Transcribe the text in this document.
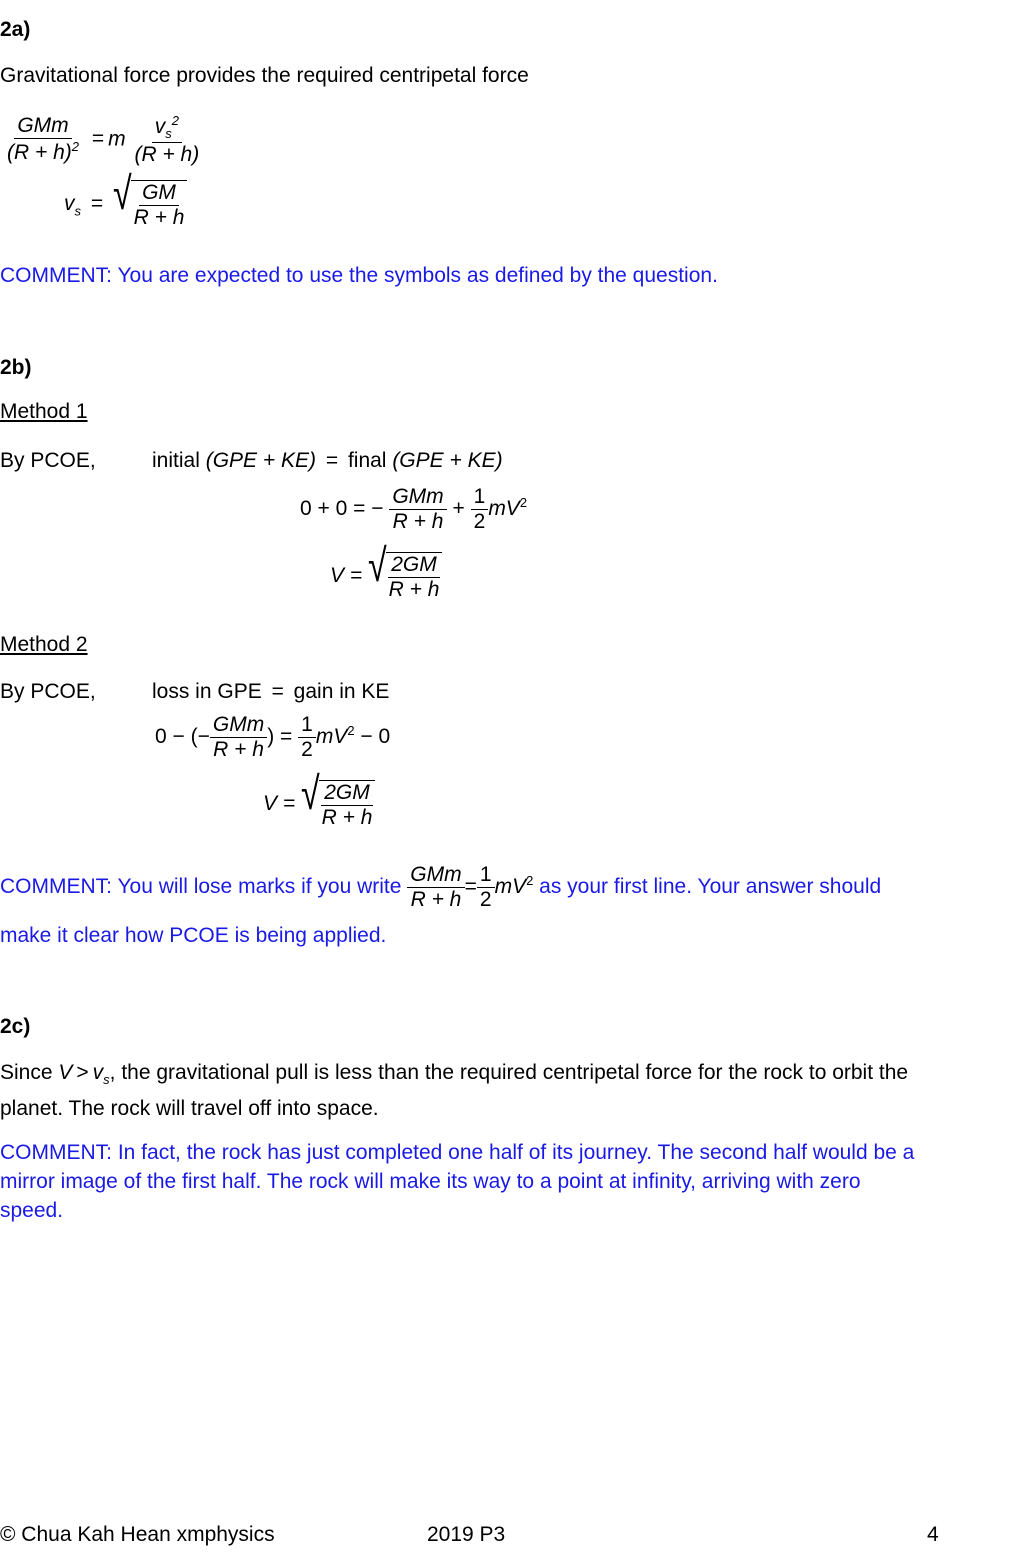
2a)
Gravitational force provides the required centripetal force
$\frac{\text{GMm}}{(R + h)^2} = m \frac{v_s^2}{(R + h)}$
$v_s$ = √ $\frac{GM}{R + h}$
COMMENT: You are expected to use the symbols as defined by the question.
2b)
Method 1
By PCOE,	initial (GPE + KE) = final (GPE + KE)
0 + 0 = − $\frac{\text{GMm}}{R + h} + \frac{1}{2} mV^2$
V = √ $\frac{2GM}{R + h}$
Method 2
By PCOE,	loss in GPE = gain in KE
0 − (− $\frac{\text{GMm}}{R + h}$ ) = $\frac{1}{2} mV^2 - 0$
V = √ $\frac{2GM}{R + h}$
COMMENT: You will lose marks if you write $\frac{\text{GMm}}{R + h} = \frac{1}{2} mV^2$ as your first line. Your answer should
make it clear how PCOE is being applied.
2c)
Since $V > v_s$, the gravitational pull is less than the required centripetal force for the rock to orbit the
planet. The rock will travel off into space.
COMMENT: In fact, the rock has just completed one half of its journey. The second half would be a
mirror image of the first half. The rock will make its way to a point at infinity, arriving with zero
speed.
© Chua Kah Hean xmphysics	2019 P3	4
